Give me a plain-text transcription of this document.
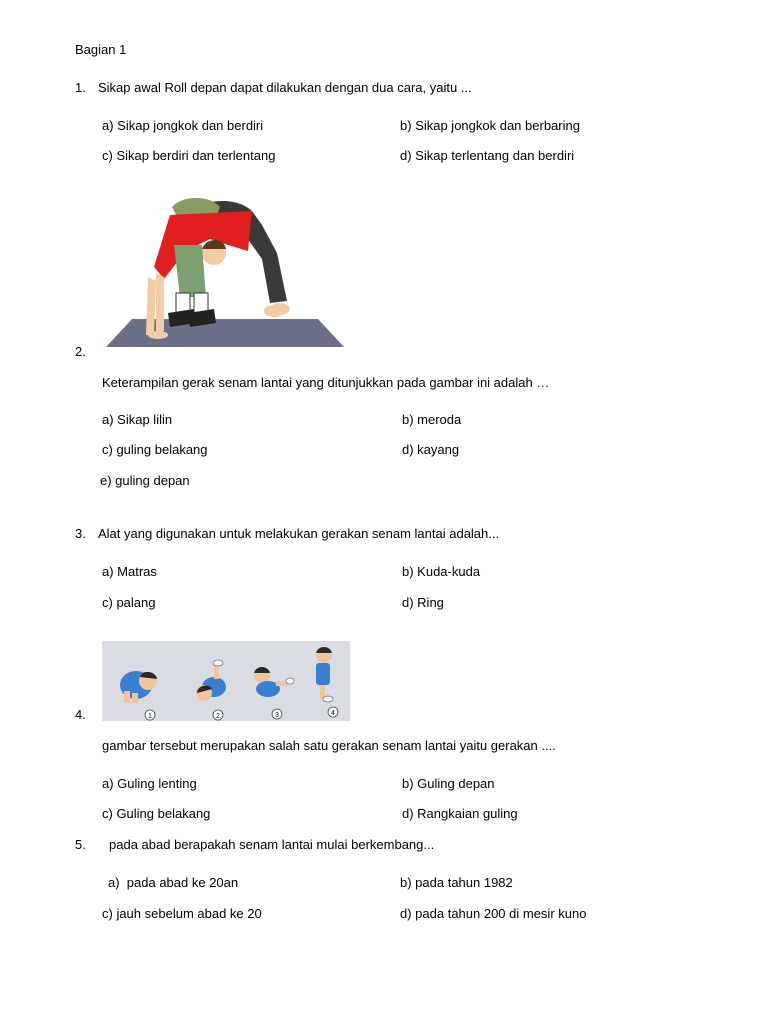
Bagian 1
1. Sikap awal Roll depan dapat dilakukan dengan dua cara, yaitu ...
a) Sikap jongkok dan berdiri	b) Sikap jongkok dan berbaring
c) Sikap berdiri dan terlentang	d) Sikap terlentang dan berdiri
2.
Keterampilan gerak senam lantai yang ditunjukkan pada gambar ini adalah …
a) Sikap lilin	b) meroda
c) guling belakang	d) kayang
e) guling depan
3. Alat yang digunakan untuk melakukan gerakan senam lantai adalah...
a) Matras	b) Kuda-kuda
c) palang	d) Ring
1	2	3	4
4.
gambar tersebut merupakan salah satu gerakan senam lantai yaitu gerakan ....
a) Guling lenting	b) Guling depan
c) Guling belakang	d) Rangkaian guling
5. pada abad berapakah senam lantai mulai berkembang...
a)  pada abad ke 20an	b) pada tahun 1982
c) jauh sebelum abad ke 20	d) pada tahun 200 di mesir kuno
